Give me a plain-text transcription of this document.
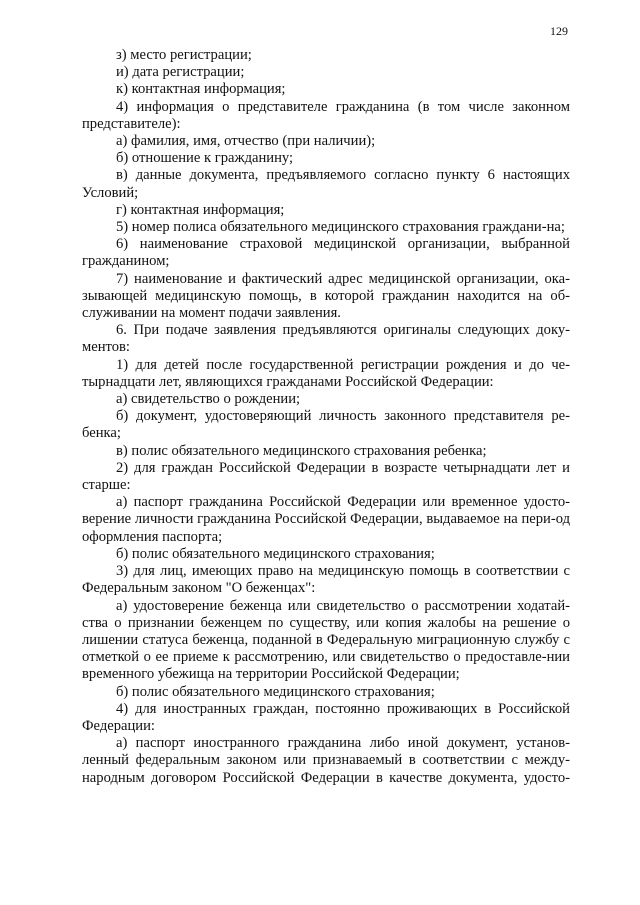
129

з) место регистрации;

и) дата регистрации;

к) контактная информация;

4) информация о представителе гражданина (в том числе законном представителе):

а) фамилия, имя, отчество (при наличии);

б) отношение к гражданину;

в) данные документа, предъявляемого согласно пункту 6 настоящих Условий;

г) контактная информация;

5) номер полиса обязательного медицинского страхования граждани-на;

6) наименование страховой медицинской организации, выбранной гражданином;

7) наименование и фактический адрес медицинской организации, ока-зывающей медицинскую помощь, в которой гражданин находится на об-служивании на момент подачи заявления.

6. При подаче заявления предъявляются оригиналы следующих доку-ментов:

1) для детей после государственной регистрации рождения и до че-тырнадцати лет, являющихся гражданами Российской Федерации:

а) свидетельство о рождении;

б) документ, удостоверяющий личность законного представителя ре-бенка;

в) полис обязательного медицинского страхования ребенка;

2) для граждан Российской Федерации в возрасте четырнадцати лет и старше:

а) паспорт гражданина Российской Федерации или временное удосто-верение личности гражданина Российской Федерации, выдаваемое на пери-од оформления паспорта;

б) полис обязательного медицинского страхования;

3) для лиц, имеющих право на медицинскую помощь в соответствии с Федеральным законом "О беженцах":

а) удостоверение беженца или свидетельство о рассмотрении ходатай-ства о признании беженцем по существу, или копия жалобы на решение о лишении статуса беженца, поданной в Федеральную миграционную службу с отметкой о ее приеме к рассмотрению, или свидетельство о предоставле-нии временного убежища на территории Российской Федерации;

б) полис обязательного медицинского страхования;

4) для иностранных граждан, постоянно проживающих в Российской Федерации:

а) паспорт иностранного гражданина либо иной документ, установ-ленный федеральным законом или признаваемый в соответствии с между-народным договором Российской Федерации в качестве документа, удосто-
